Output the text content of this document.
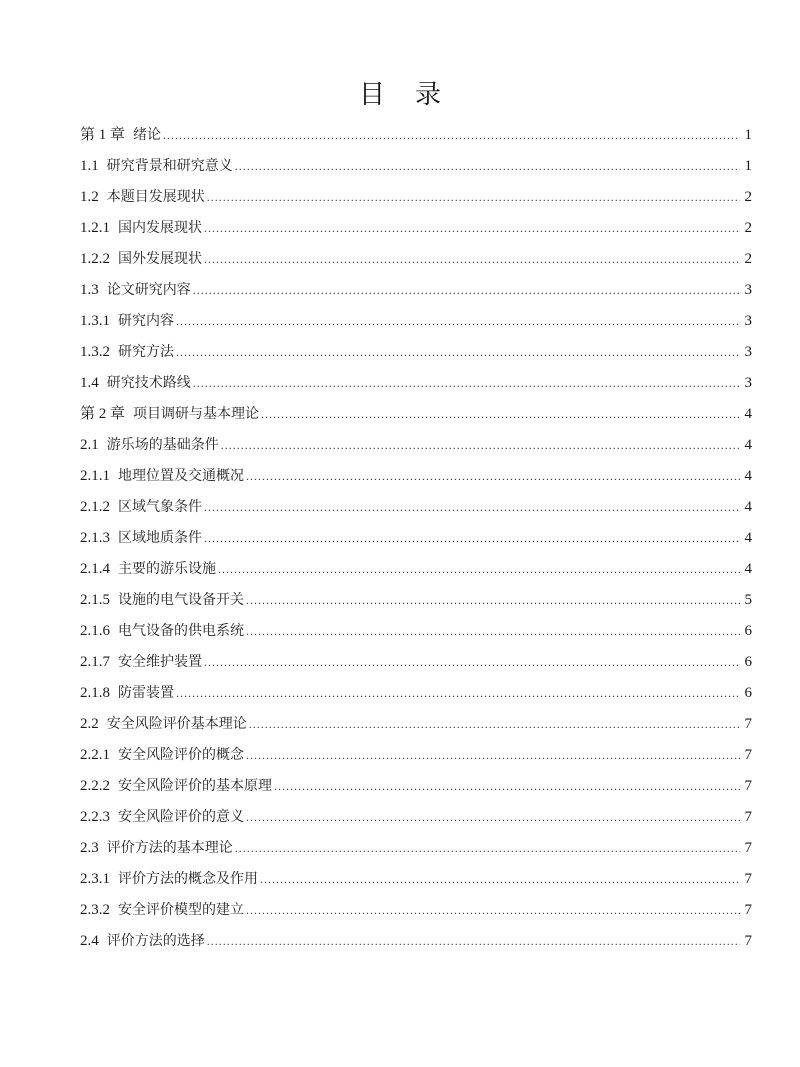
目录
第 1 章 绪论 .....	1
1.1 研究背景和研究意义 .....	1
1.2 本题目发展现状 .....	2
1.2.1 国内发展现状 .....	2
1.2.2 国外发展现状 .....	2
1.3 论文研究内容 .....	3
1.3.1 研究内容 .....	3
1.3.2 研究方法 .....	3
1.4 研究技术路线 .....	3
第 2 章 项目调研与基本理论 .....	4
2.1 游乐场的基础条件 .....	4
2.1.1 地理位置及交通概况 .....	4
2.1.2 区域气象条件 .....	4
2.1.3 区域地质条件 .....	4
2.1.4 主要的游乐设施 .....	4
2.1.5 设施的电气设备开关 .....	5
2.1.6 电气设备的供电系统 .....	6
2.1.7 安全维护装置 .....	6
2.1.8 防雷装置 .....	6
2.2 安全风险评价基本理论 .....	7
2.2.1 安全风险评价的概念 .....	7
2.2.2 安全风险评价的基本原理 .....	7
2.2.3 安全风险评价的意义 .....	7
2.3 评价方法的基本理论 .....	7
2.3.1 评价方法的概念及作用 .....	7
2.3.2 安全评价模型的建立 .....	7
2.4 评价方法的选择 .....	7
